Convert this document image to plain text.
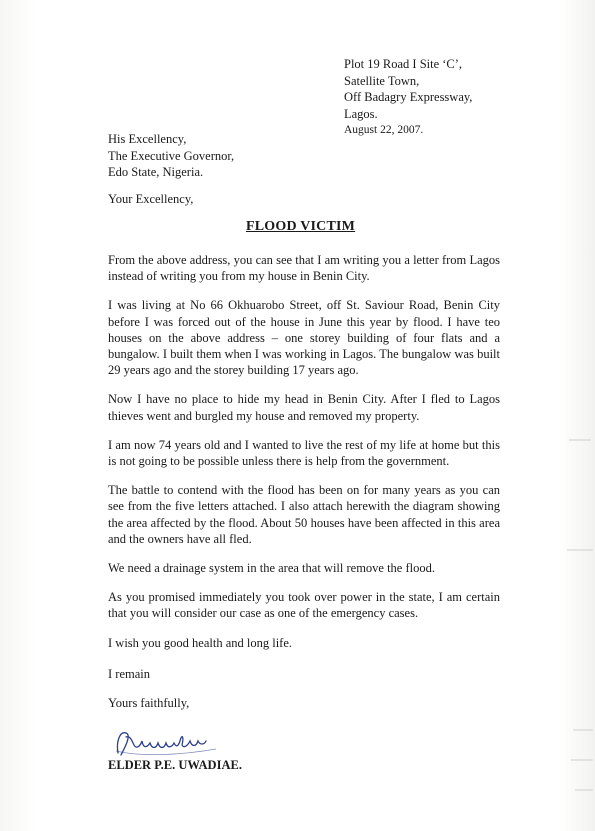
Plot 19 Road I Site ‘C’,
Satellite Town,
Off Badagry Expressway,
Lagos.
August 22, 2007.
His Excellency,
The Executive Governor,
Edo State, Nigeria.
Your Excellency,
FLOOD VICTIM

From the above address, you can see that I am writing you a letter from Lagos instead of writing you from my house in Benin City.

I was living at No 66 Okhuarobo Street, off St. Saviour Road, Benin City before I was forced out of the house in June this year by flood. I have teo houses on the above address – one storey building of four flats and a bungalow. I built them when I was working in Lagos. The bungalow was built 29 years ago and the storey building 17 years ago.

Now I have no place to hide my head in Benin City. After I fled to Lagos thieves went and burgled my house and removed my property.

I am now 74 years old and I wanted to live the rest of my life at home but this is not going to be possible unless there is help from the government.

The battle to contend with the flood has been on for many years as you can see from the five letters attached. I also attach herewith the diagram showing the area affected by the flood. About 50 houses have been affected in this area and the owners have all fled.

We need a drainage system in the area that will remove the flood.

As you promised immediately you took over power in the state, I am certain that you will consider our case as one of the emergency cases.

I wish you good health and long life.

I remain
Yours faithfully,
ELDER P.E. UWADIAE.
